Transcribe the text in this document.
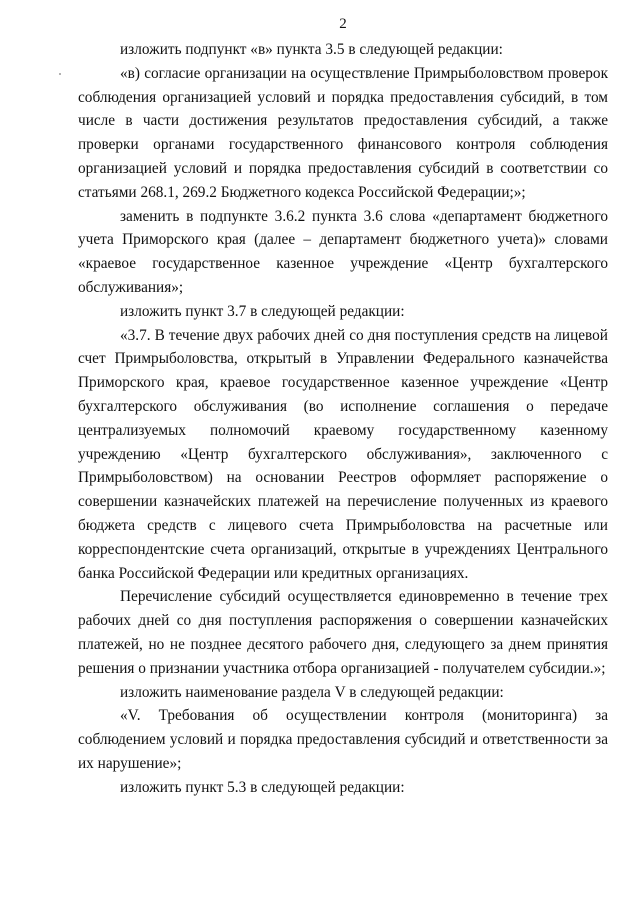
2

изложить подпункт «в» пункта 3.5 в следующей редакции:

«в) согласие организации на осуществление Примрыболовством проверок соблюдения организацией условий и порядка предоставления субсидий, в том числе в части достижения результатов предоставления субсидий, а также проверки органами государственного финансового контроля соблюдения организацией условий и порядка предоставления субсидий в соответствии со статьями 268.1, 269.2 Бюджетного кодекса Российской Федерации;»;

заменить в подпункте 3.6.2 пункта 3.6 слова «департамент бюджетного учета Приморского края (далее – департамент бюджетного учета)» словами «краевое государственное казенное учреждение «Центр бухгалтерского обслуживания»;

изложить пункт 3.7 в следующей редакции:

«3.7. В течение двух рабочих дней со дня поступления средств на лицевой счет Примрыболовства, открытый в Управлении Федерального казначейства Приморского края, краевое государственное казенное учреждение «Центр бухгалтерского обслуживания (во исполнение соглашения о передаче централизуемых полномочий краевому государственному казенному учреждению «Центр бухгалтерского обслуживания», заключенного с Примрыболовством) на основании Реестров оформляет распоряжение о совершении казначейских платежей на перечисление полученных из краевого бюджета средств с лицевого счета Примрыболовства на расчетные или корреспондентские счета организаций, открытые в учреждениях Центрального банка Российской Федерации или кредитных организациях.

Перечисление субсидий осуществляется единовременно в течение трех рабочих дней со дня поступления распоряжения о совершении казначейских платежей, но не позднее десятого рабочего дня, следующего за днем принятия решения о признании участника отбора организацией - получателем субсидии.»;

изложить наименование раздела V в следующей редакции:

«V. Требования об осуществлении контроля (мониторинга) за соблюдением условий и порядка предоставления субсидий и ответственности за их нарушение»;

изложить пункт 5.3 в следующей редакции:
